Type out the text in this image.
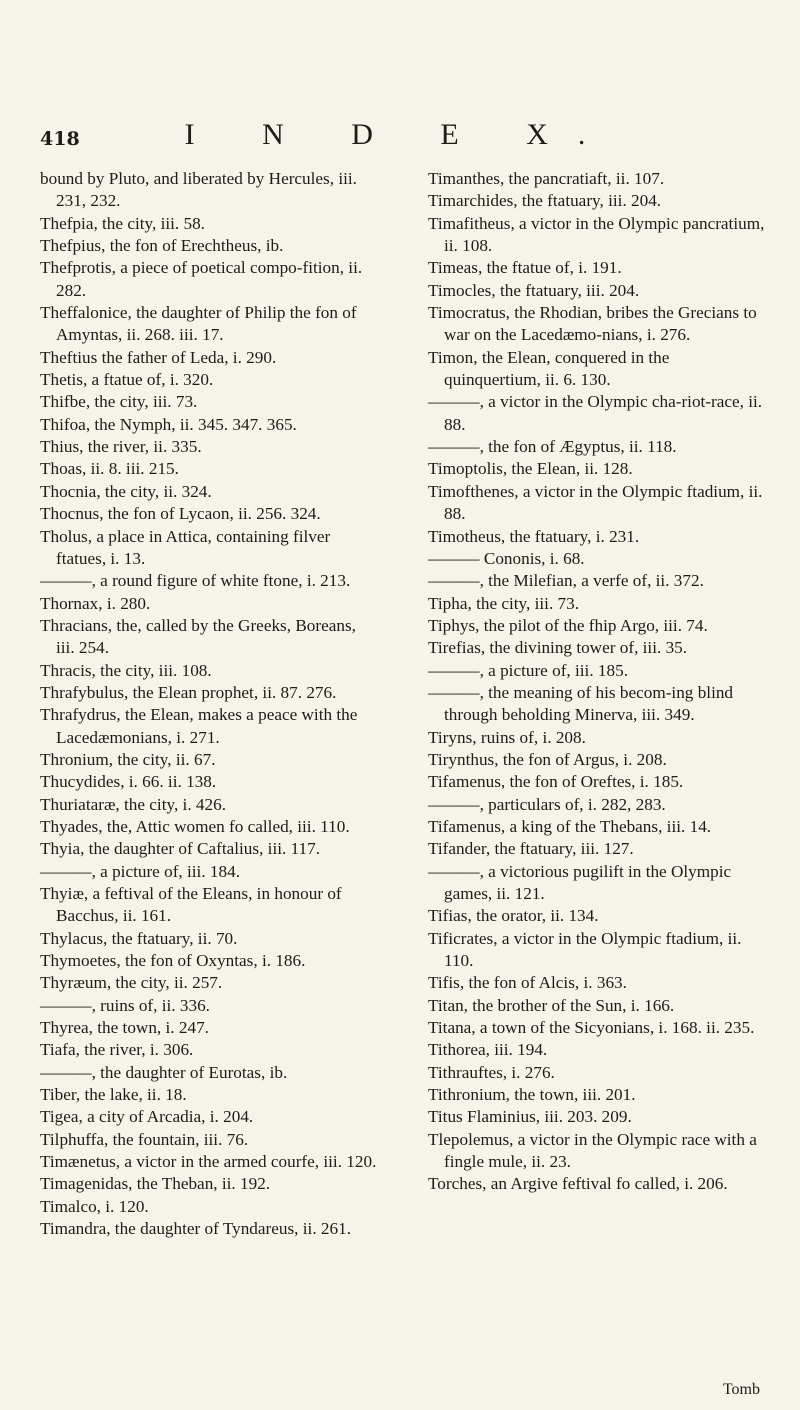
418	I N D E X.
bound by Pluto, and liberated by Hercules, iii. 231, 232.
Thefpia, the city, iii. 58.
Thefpius, the fon of Erechtheus, ib.
Thefprotis, a piece of poetical compo-fition, ii. 282.
Theffalonice, the daughter of Philip the fon of Amyntas, ii. 268. iii. 17.
Theftius the father of Leda, i. 290.
Thetis, a ftatue of, i. 320.
Thifbe, the city, iii. 73.
Thifoa, the Nymph, ii. 345. 347. 365.
Thius, the river, ii. 335.
Thoas, ii. 8. iii. 215.
Thocnia, the city, ii. 324.
Thocnus, the fon of Lycaon, ii. 256. 324.
Tholus, a place in Attica, containing filver ftatues, i. 13.
———, a round figure of white ftone, i. 213.
Thornax, i. 280.
Thracians, the, called by the Greeks, Boreans, iii. 254.
Thracis, the city, iii. 108.
Thrafybulus, the Elean prophet, ii. 87. 276.
Thrafydrus, the Elean, makes a peace with the Lacedæmonians, i. 271.
Thronium, the city, ii. 67.
Thucydides, i. 66. ii. 138.
Thuriataræ, the city, i. 426.
Thyades, the, Attic women fo called, iii. 110.
Thyia, the daughter of Caftalius, iii. 117.
———, a picture of, iii. 184.
Thyiæ, a feftival of the Eleans, in honour of Bacchus, ii. 161.
Thylacus, the ftatuary, ii. 70.
Thymoetes, the fon of Oxyntas, i. 186.
Thyræum, the city, ii. 257.
———, ruins of, ii. 336.
Thyrea, the town, i. 247.
Tiafa, the river, i. 306.
———, the daughter of Eurotas, ib.
Tiber, the lake, ii. 18.
Tigea, a city of Arcadia, i. 204.
Tilphuffa, the fountain, iii. 76.
Timænetus, a victor in the armed courfe, iii. 120.
Timagenidas, the Theban, ii. 192.
Timalco, i. 120.
Timandra, the daughter of Tyndareus, ii. 261.
Timanthes, the pancratiaft, ii. 107.
Timarchides, the ftatuary, iii. 204.
Timafitheus, a victor in the Olympic pancratium, ii. 108.
Timeas, the ftatue of, i. 191.
Timocles, the ftatuary, iii. 204.
Timocratus, the Rhodian, bribes the Grecians to war on the Lacedæmo-nians, i. 276.
Timon, the Elean, conquered in the quinquertium, ii. 6. 130.
———, a victor in the Olympic cha-riot-race, ii. 88.
———, the fon of Ægyptus, ii. 118.
Timoptolis, the Elean, ii. 128.
Timofthenes, a victor in the Olympic ftadium, ii. 88.
Timotheus, the ftatuary, i. 231.
——— Cononis, i. 68.
———, the Milefian, a verfe of, ii. 372.
Tipha, the city, iii. 73.
Tiphys, the pilot of the fhip Argo, iii. 74.
Tirefias, the divining tower of, iii. 35.
———, a picture of, iii. 185.
———, the meaning of his becom-ing blind through beholding Minerva, iii. 349.
Tiryns, ruins of, i. 208.
Tirynthus, the fon of Argus, i. 208.
Tifamenus, the fon of Oreftes, i. 185.
———, particulars of, i. 282, 283.
Tifamenus, a king of the Thebans, iii. 14.
Tifander, the ftatuary, iii. 127.
———, a victorious pugilift in the Olympic games, ii. 121.
Tifias, the orator, ii. 134.
Tificrates, a victor in the Olympic ftadium, ii. 110.
Tifis, the fon of Alcis, i. 363.
Titan, the brother of the Sun, i. 166.
Titana, a town of the Sicyonians, i. 168. ii. 235.
Tithorea, iii. 194.
Tithrauftes, i. 276.
Tithronium, the town, iii. 201.
Titus Flaminius, iii. 203. 209.
Tlepolemus, a victor in the Olympic race with a fingle mule, ii. 23.
Torches, an Argive feftival fo called, i. 206.
Tomb
